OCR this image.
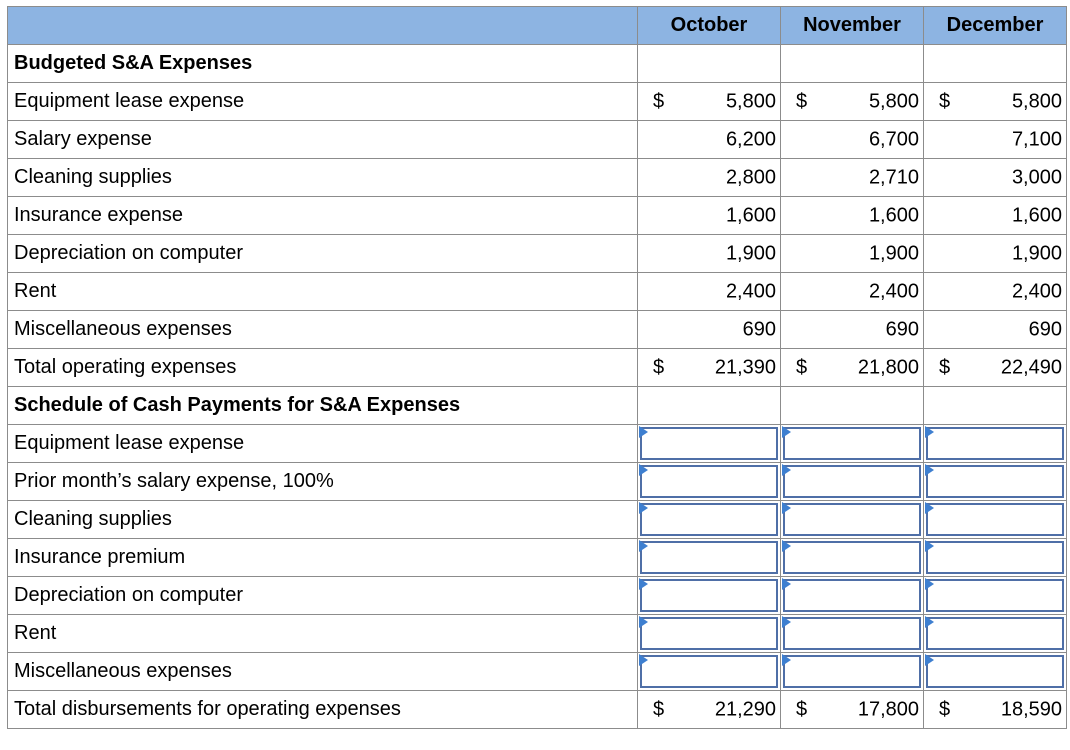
	October	November	December
Budgeted S&A Expenses			
Equipment lease expense	$ 5,800	$ 5,800	$ 5,800

Salary expense	6,200	6,700	7,100

Cleaning supplies	2,800	2,710	3,000

Insurance expense	1,600	1,600	1,600

Depreciation on computer	1,900	1,900	1,900

Rent	2,400	2,400	2,400

Miscellaneous expenses	690	690	690

Total operating expenses	$ 21,390	$ 21,800	$ 22,490

Schedule of Cash Payments for S&A Expenses			
Equipment lease expense	

Prior month’s salary expense, 100%	

Cleaning supplies	

Insurance premium	

Depreciation on computer	

Rent	

Miscellaneous expenses	

Total disbursements for operating expenses	$ 21,290	$ 17,800	$ 18,590
